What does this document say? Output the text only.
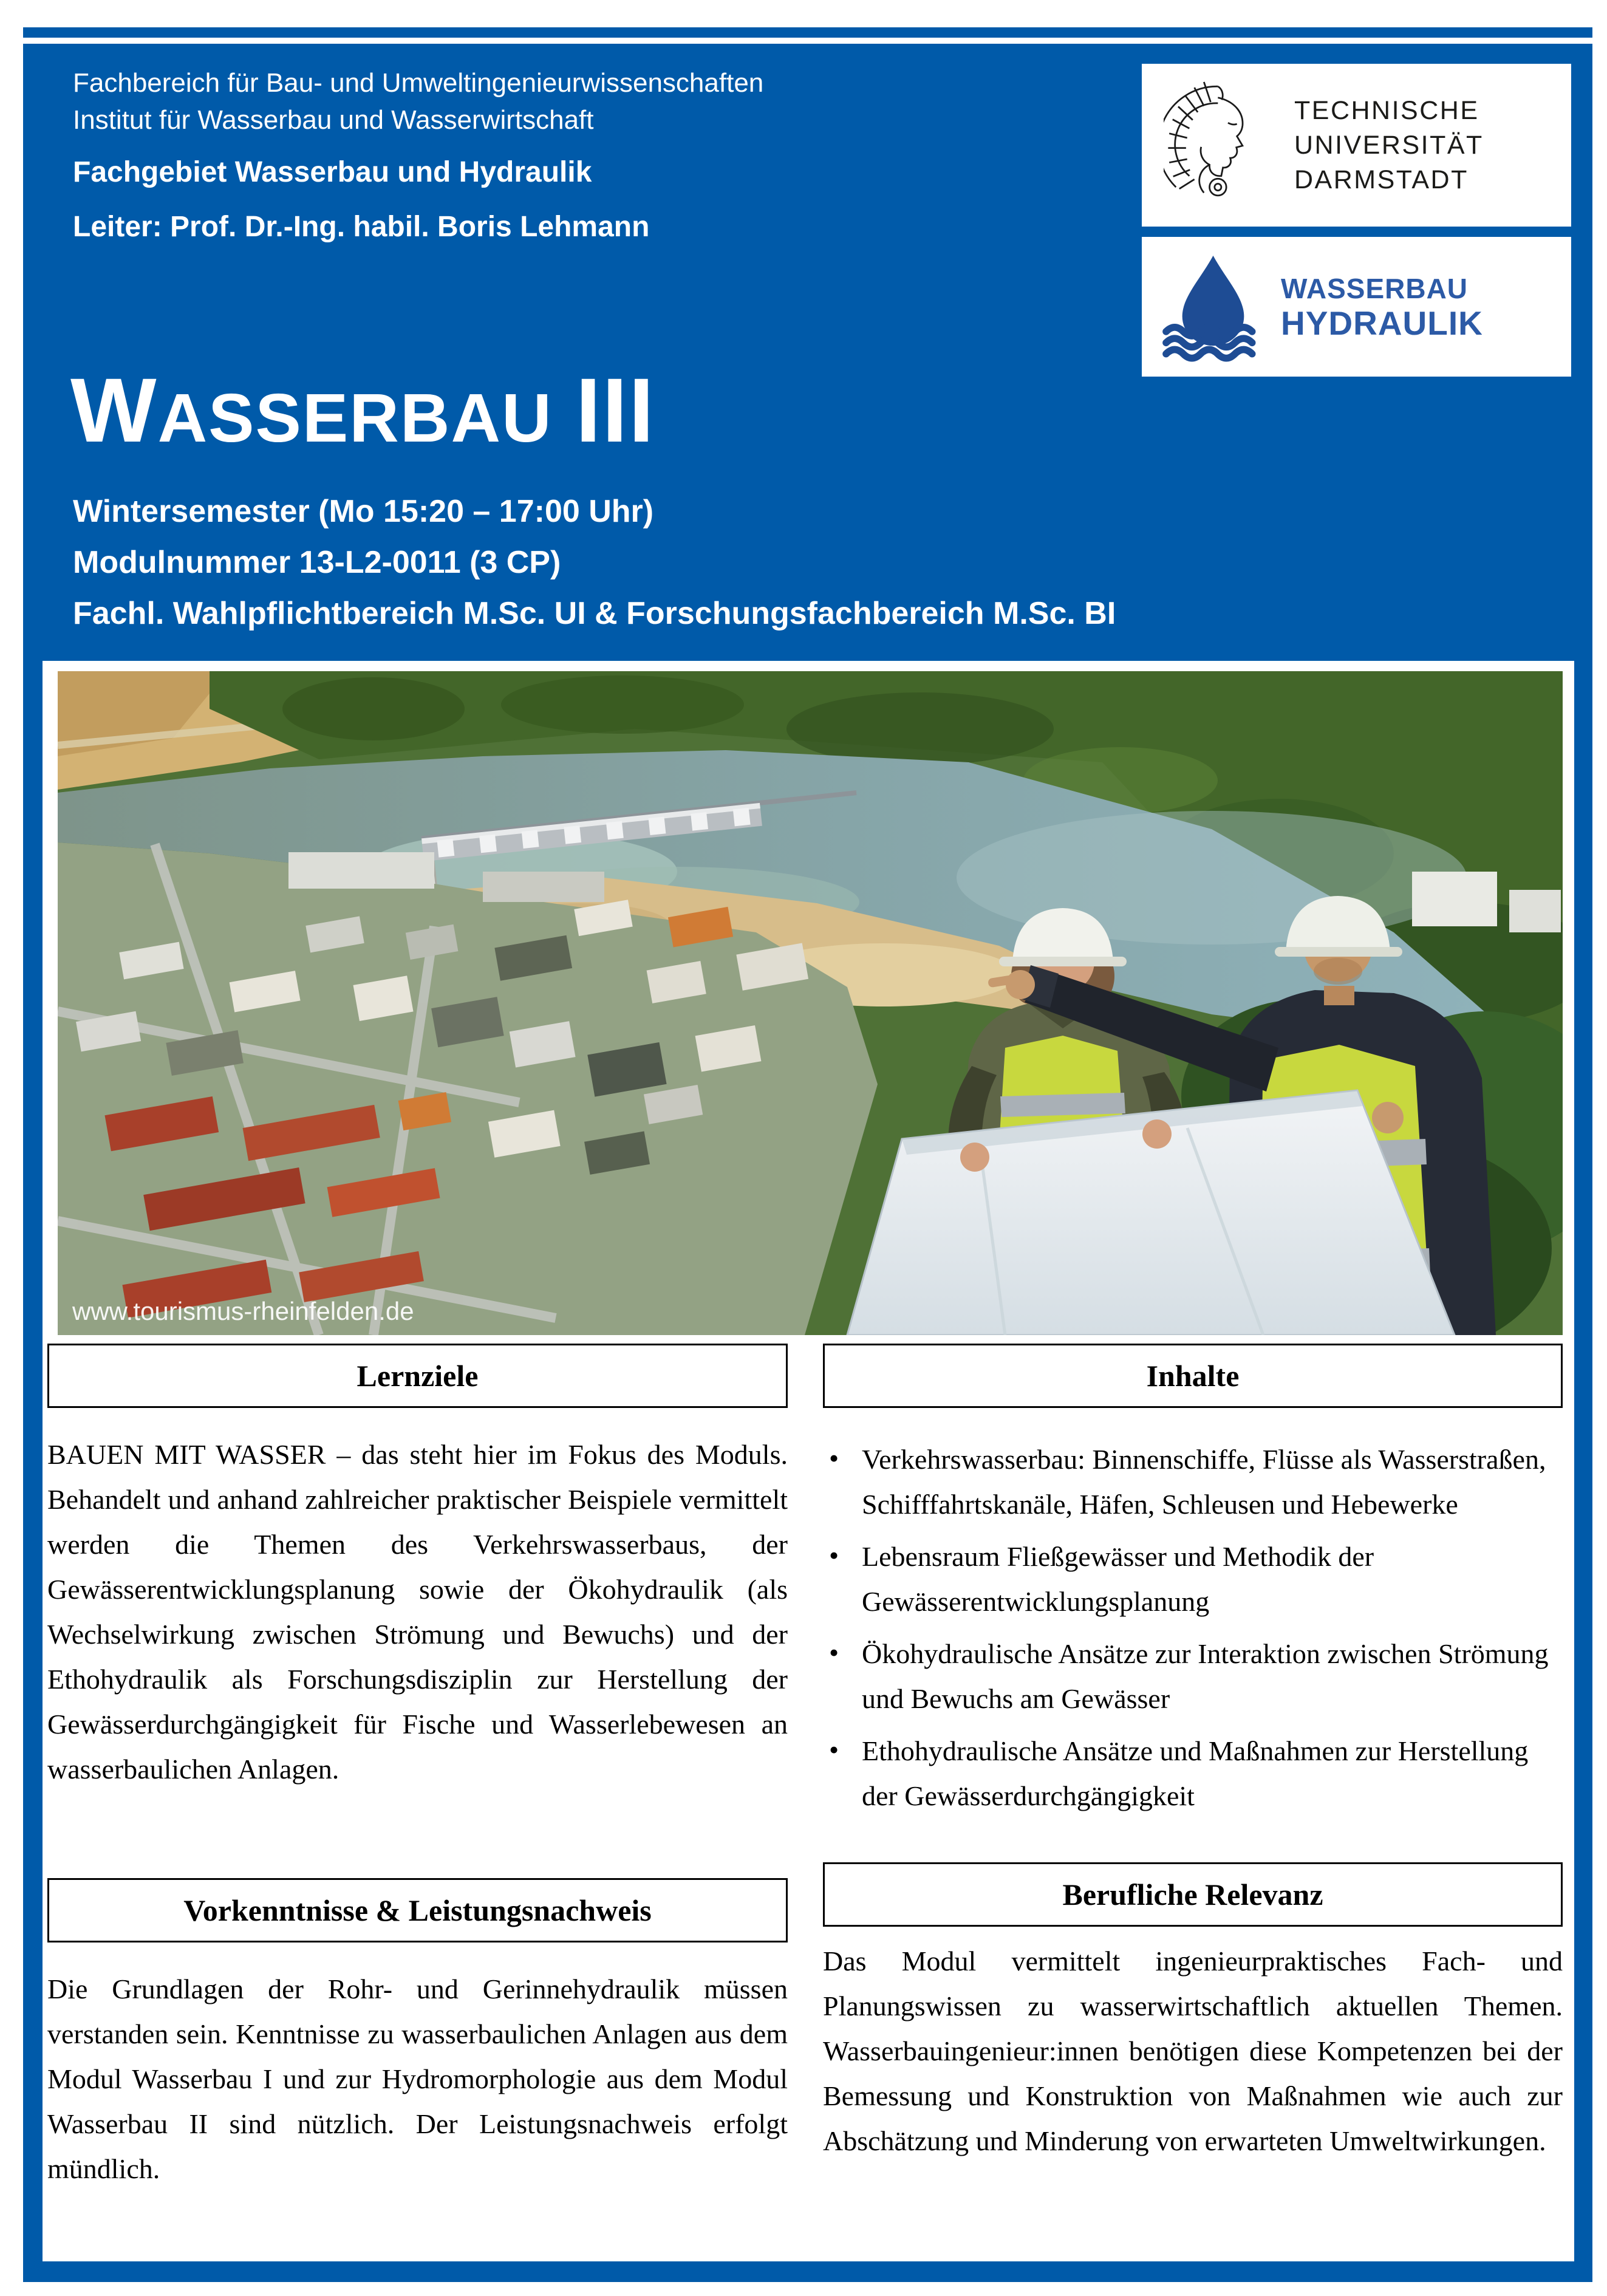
Fachbereich für Bau- und Umweltingenieurwissenschaften
Institut für Wasserbau und Wasserwirtschaft
Fachgebiet Wasserbau und Hydraulik
Leiter: Prof. Dr.-Ing. habil. Boris Lehmann
WASSERBAU III
Wintersemester (Mo 15:20 – 17:00 Uhr)
Modulnummer 13-L2-0011 (3 CP)
Fachl. Wahlpflichtbereich M.Sc. UI & Forschungsfachbereich M.Sc. BI
TECHNISCHE
UNIVERSITÄT
DARMSTADT
WASSERBAU
HYDRAULIK
www.tourismus-rheinfelden.de
Lernziele	Inhalte
Vorkenntnisse & Leistungsnachweis	Berufliche Relevanz
BAUEN MIT WASSER – das steht hier im Fokus des Moduls. Behandelt und anhand zahlreicher praktischer Beispiele vermittelt werden die Themen des Verkehrswasserbaus, der Gewässerentwicklungsplanung sowie der Ökohydraulik (als Wechselwirkung zwischen Strömung und Bewuchs) und der Ethohydraulik als Forschungsdisziplin zur Herstellung der Gewässerdurchgängigkeit für Fische und Wasserlebewesen an wasserbaulichen Anlagen.
• Verkehrswasserbau: Binnenschiffe, Flüsse als Wasserstraßen, Schifffahrtskanäle, Häfen, Schleusen und Hebewerke
• Lebensraum Fließgewässer und Methodik der Gewässerentwicklungsplanung
• Ökohydraulische Ansätze zur Interaktion zwischen Strömung und Bewuchs am Gewässer
• Ethohydraulische Ansätze und Maßnahmen zur Herstellung der Gewässerdurchgängigkeit
Die Grundlagen der Rohr- und Gerinnehydraulik müssen verstanden sein. Kenntnisse zu wasserbaulichen Anlagen aus dem Modul Wasserbau I und zur Hydromorphologie aus dem Modul Wasserbau II sind nützlich. Der Leistungsnachweis erfolgt mündlich.
Das Modul vermittelt ingenieurpraktisches Fach- und Planungswissen zu wasserwirtschaftlich aktuellen Themen. Wasserbauingenieur:innen benötigen diese Kompetenzen bei der Bemessung und Konstruktion von Maßnahmen wie auch zur Abschätzung und Minderung von erwarteten Umweltwirkungen.
